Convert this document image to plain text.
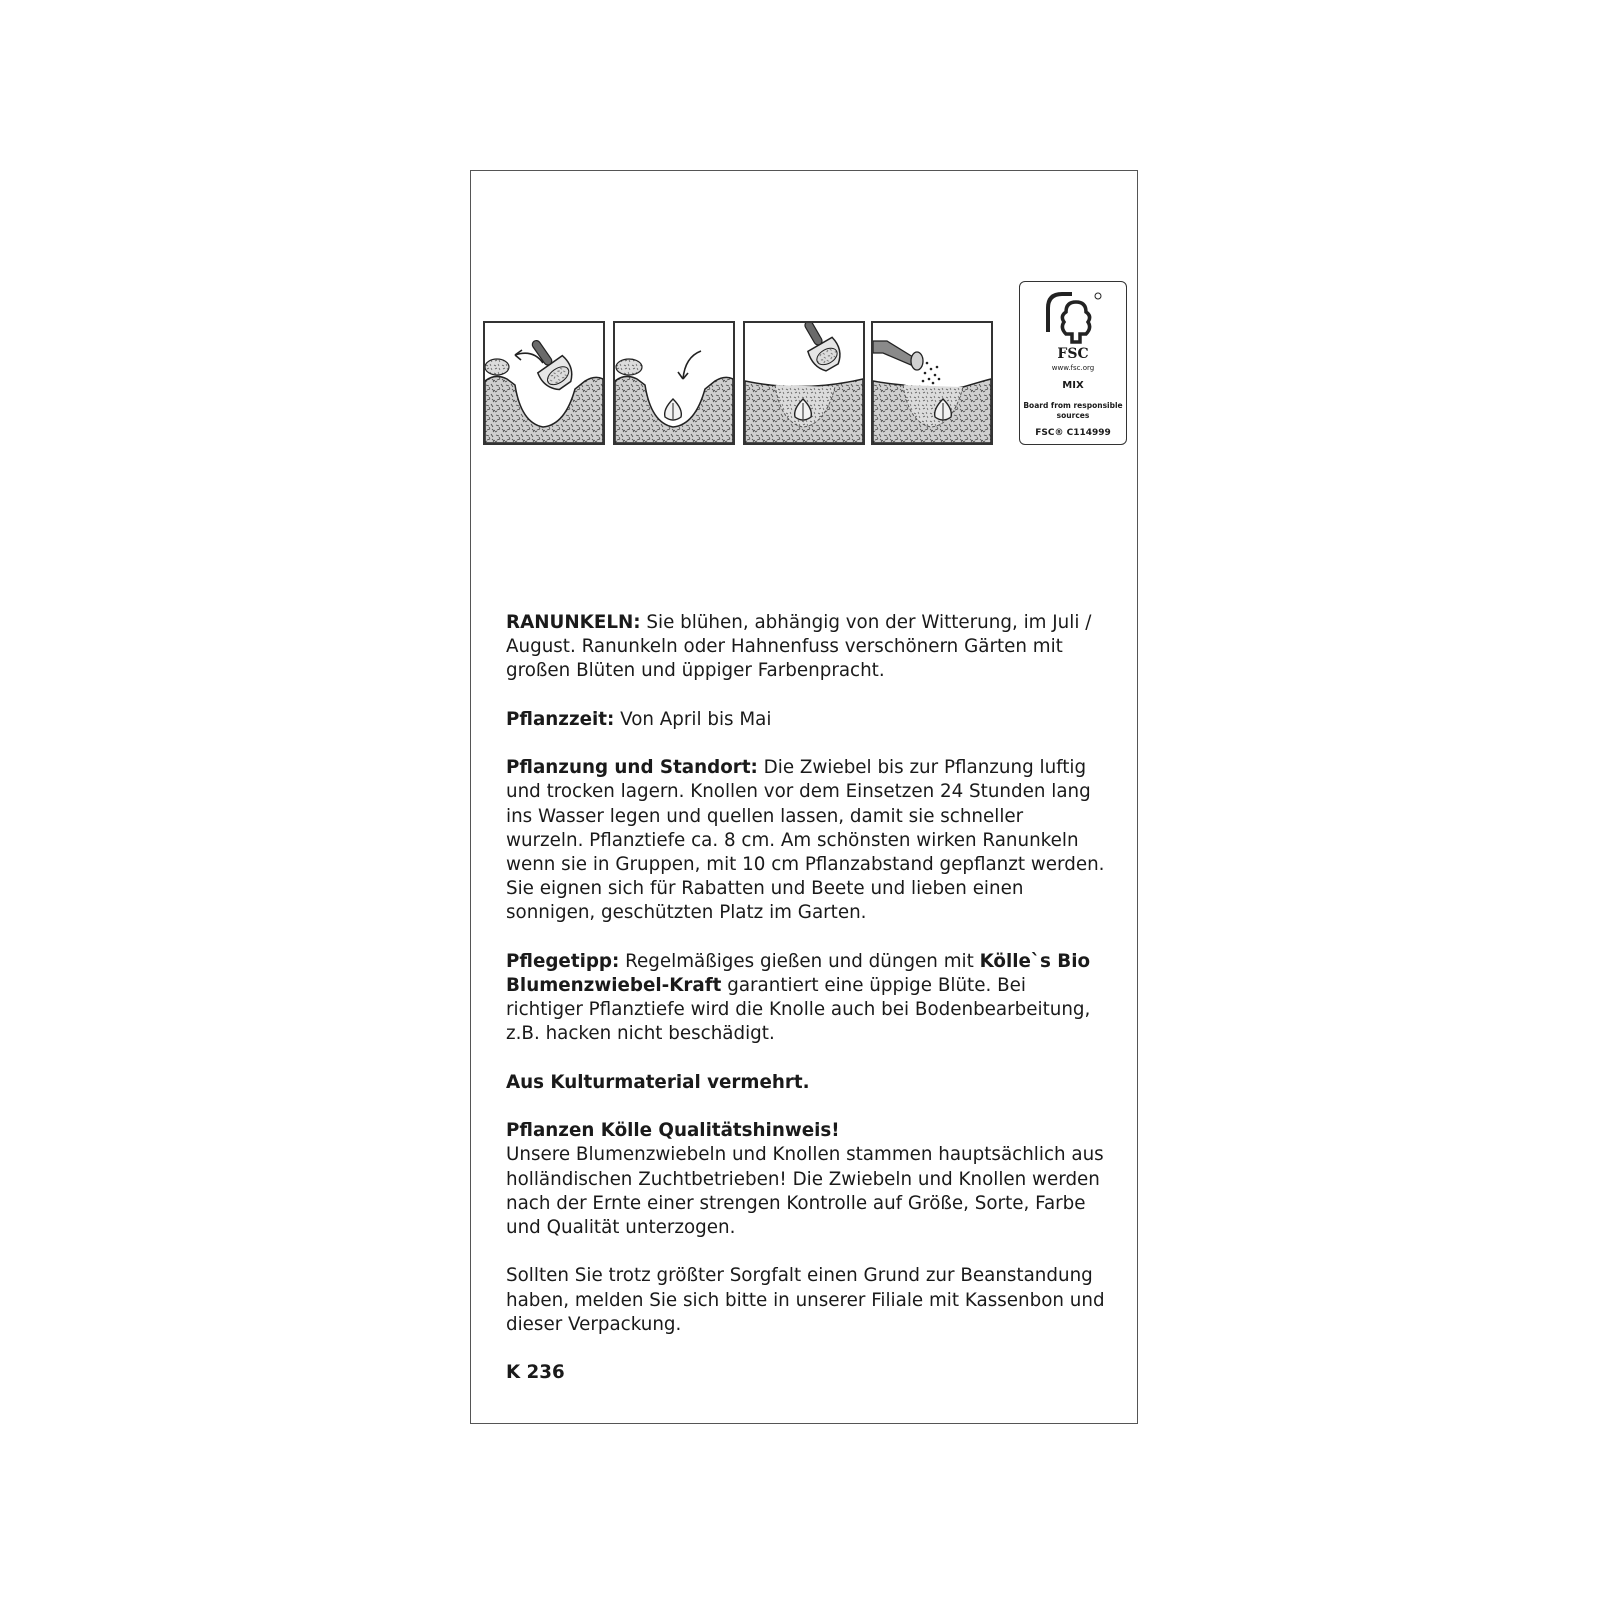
FSC
www.fsc.org
MIX
Board from responsible sources
FSC® C114999

RANUNKELN: Sie blühen, abhängig von der Witterung, im Juli / August. Ranunkeln oder Hahnenfuss verschönern Gärten mit großen Blüten und üppiger Farbenpracht.

Pflanzzeit: Von April bis Mai

Pflanzung und Standort: Die Zwiebel bis zur Pflanzung luftig und trocken lagern. Knollen vor dem Einsetzen 24 Stunden lang ins Wasser legen und quellen lassen, damit sie schneller wurzeln. Pflanztiefe ca. 8 cm. Am schönsten wirken Ranunkeln wenn sie in Gruppen, mit 10 cm Pflanzabstand gepflanzt werden. Sie eignen sich für Rabatten und Beete und lieben einen sonnigen, geschützten Platz im Garten.

Pflegetipp: Regelmäßiges gießen und düngen mit Kölle`s Bio Blumenzwiebel-Kraft garantiert eine üppige Blüte. Bei richtiger Pflanztiefe wird die Knolle auch bei Bodenbearbeitung, z.B. hacken nicht beschädigt.

Aus Kulturmaterial vermehrt.

Pflanzen Kölle Qualitätshinweis!
Unsere Blumenzwiebeln und Knollen stammen hauptsächlich aus holländischen Zuchtbetrieben! Die Zwiebeln und Knollen werden nach der Ernte einer strengen Kontrolle auf Größe, Sorte, Farbe und Qualität unterzogen.

Sollten Sie trotz größter Sorgfalt einen Grund zur Beanstandung haben, melden Sie sich bitte in unserer Filiale mit Kassenbon und dieser Verpackung.

K 236
